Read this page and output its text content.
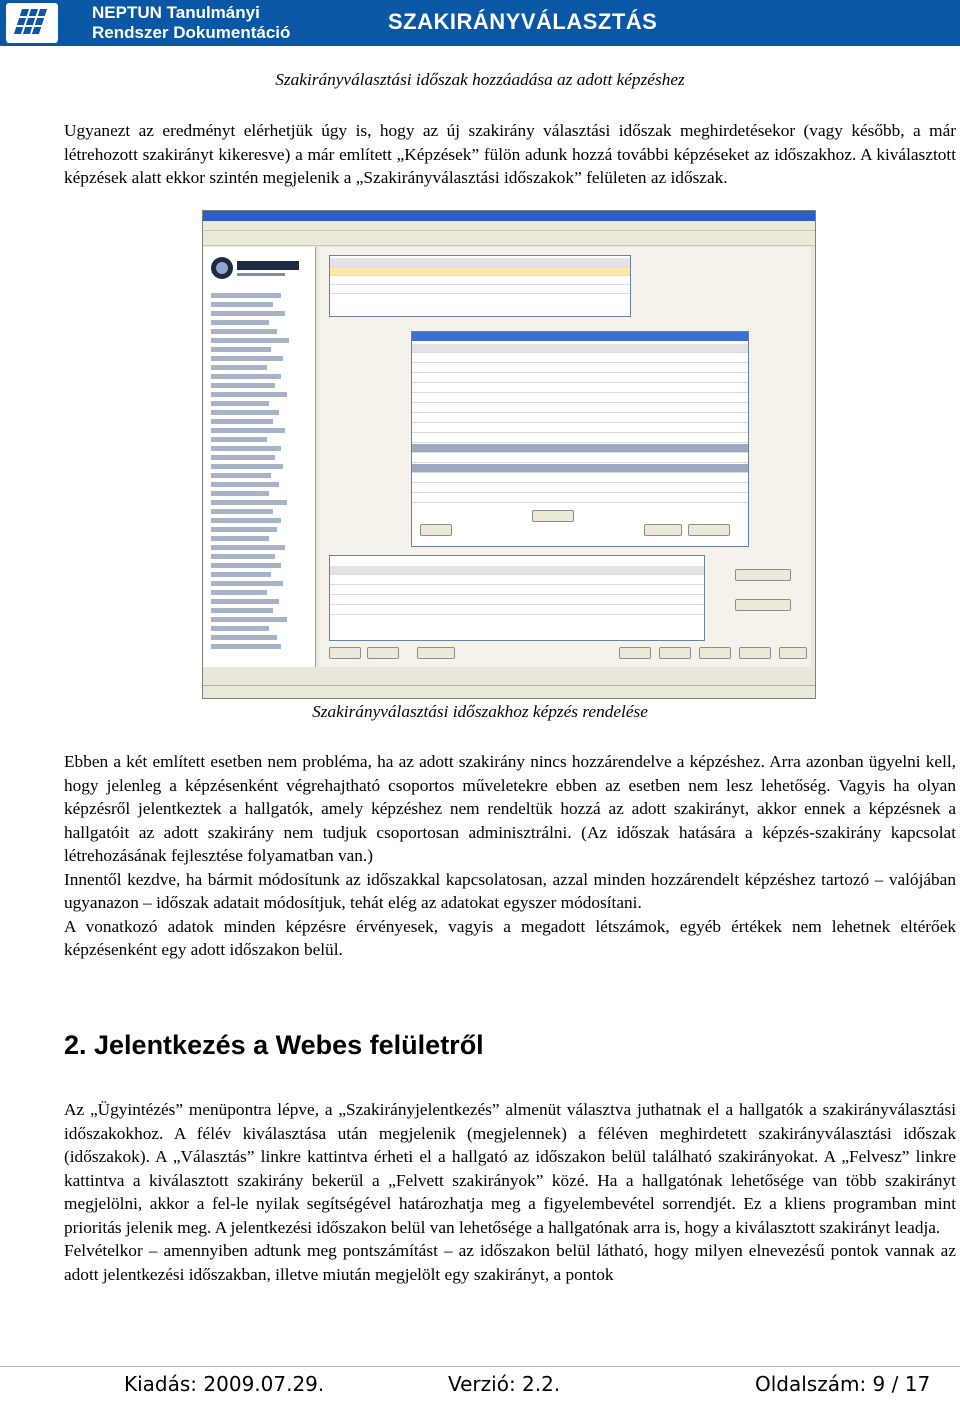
NEPTUN Tanulmányi
Rendszer Dokumentáció	SZAKIRÁNYVÁLASZTÁS
Szakirányválasztási időszak hozzáadása az adott képzéshez
Ugyanezt az eredményt elérhetjük úgy is, hogy az új szakirány választási időszak meghirdetésekor (vagy később, a már létrehozott szakirányt kikeresve) a már említett „Képzések” fülön adunk hozzá további képzéseket az időszakhoz. A kiválasztott képzések alatt ekkor szintén megjelenik a „Szakirányválasztási időszakok” felületen az időszak.
Szakirányválasztási időszakhoz képzés rendelése

Ebben a két említett esetben nem probléma, ha az adott szakirány nincs hozzárendelve a képzéshez. Arra azonban ügyelni kell, hogy jelenleg a képzésenként végrehajtható csoportos műveletekre ebben az esetben nem lesz lehetőség. Vagyis ha olyan képzésről jelentkeztek a hallgatók, amely képzéshez nem rendeltük hozzá az adott szakirányt, akkor ennek a képzésnek a hallgatóit az adott szakirány nem tudjuk csoportosan adminisztrálni. (Az időszak hatására a képzés-szakirány kapcsolat létrehozásának fejlesztése folyamatban van.)

Innentől kezdve, ha bármit módosítunk az időszakkal kapcsolatosan, azzal minden hozzárendelt képzéshez tartozó – valójában ugyanazon – időszak adatait módosítjuk, tehát elég az adatokat egyszer módosítani.

A vonatkozó adatok minden képzésre érvényesek, vagyis a megadott létszámok, egyéb értékek nem lehetnek eltérőek képzésenként egy adott időszakon belül.

2. Jelentkezés a Webes felületről

Az „Ügyintézés” menüpontra lépve, a „Szakirányjelentkezés” almenüt választva juthatnak el a hallgatók a szakirányválasztási időszakokhoz. A félév kiválasztása után megjelenik (megjelennek) a féléven meghirdetett szakirányválasztási időszak (időszakok). A „Választás” linkre kattintva érheti el a hallgató az időszakon belül található szakirányokat. A „Felvesz” linkre kattintva a kiválasztott szakirány bekerül a „Felvett szakirányok” közé. Ha a hallgatónak lehetősége van több szakirányt megjelölni, akkor a fel-le nyilak segítségével határozhatja meg a figyelembevétel sorrendjét. Ez a kliens programban mint prioritás jelenik meg. A jelentkezési időszakon belül van lehetősége a hallgatónak arra is, hogy a kiválasztott szakirányt leadja.

Felvételkor – amennyiben adtunk meg pontszámítást – az időszakon belül látható, hogy milyen elnevezésű pontok vannak az adott jelentkezési időszakban, illetve miután megjelölt egy szakirányt, a pontok

Kiadás: 2009.07.29.	Verzió: 2.2.	Oldalszám: 9 / 17
